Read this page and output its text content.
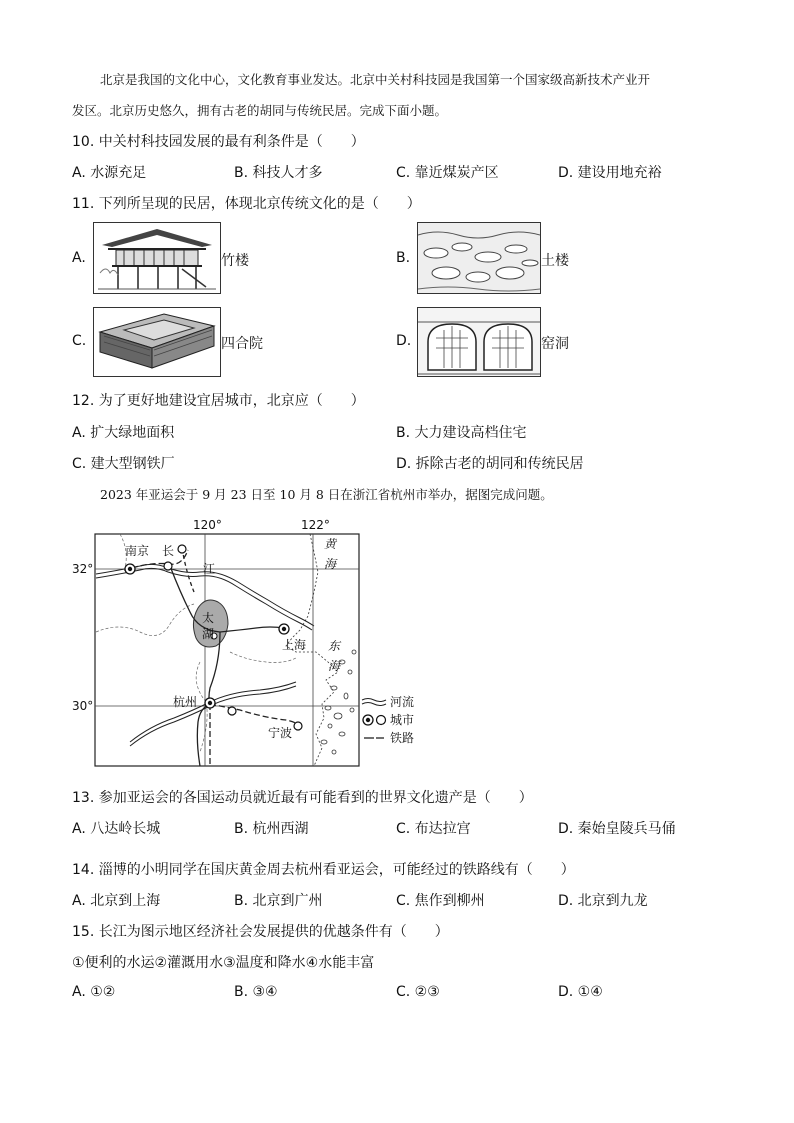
北京是我国的文化中心，文化教育事业发达。北京中关村科技园是我国第一个国家级高新技术产业开
发区。北京历史悠久，拥有古老的胡同与传统民居。完成下面小题。
10. 中关村科技园发展的最有利条件是（　　）
A. 水源充足	B. 科技人才多	C. 靠近煤炭产区	D. 建设用地充裕
11. 下列所呈现的民居，体现北京传统文化的是（　　）
A.	竹楼	B.	土楼
C.	四合院	D.	窑洞
12. 为了更好地建设宜居城市，北京应（　　）
A. 扩大绿地面积	B. 大力建设高档住宅
C. 建大型钢铁厂	D. 拆除古老的胡同和传统民居
2023 年亚运会于 9 月 23 日至 10 月 8 日在浙江省杭州市举办，据图完成问题。
120°	122°
32°
30°
南京 长
江
上海
杭州
宁波
黄
海
太
湖
东
海
河流
城市
铁路
13. 参加亚运会的各国运动员就近最有可能看到的世界文化遗产是（　　）
A. 八达岭长城	B. 杭州西湖	C. 布达拉宫	D. 秦始皇陵兵马俑
14. 淄博的小明同学在国庆黄金周去杭州看亚运会，可能经过的铁路线有（　　）
A. 北京到上海	B. 北京到广州	C. 焦作到柳州	D. 北京到九龙
15. 长江为图示地区经济社会发展提供的优越条件有（　　）
①便利的水运②灌溉用水③温度和降水④水能丰富
A. ①②	B. ③④	C. ②③	D. ①④
